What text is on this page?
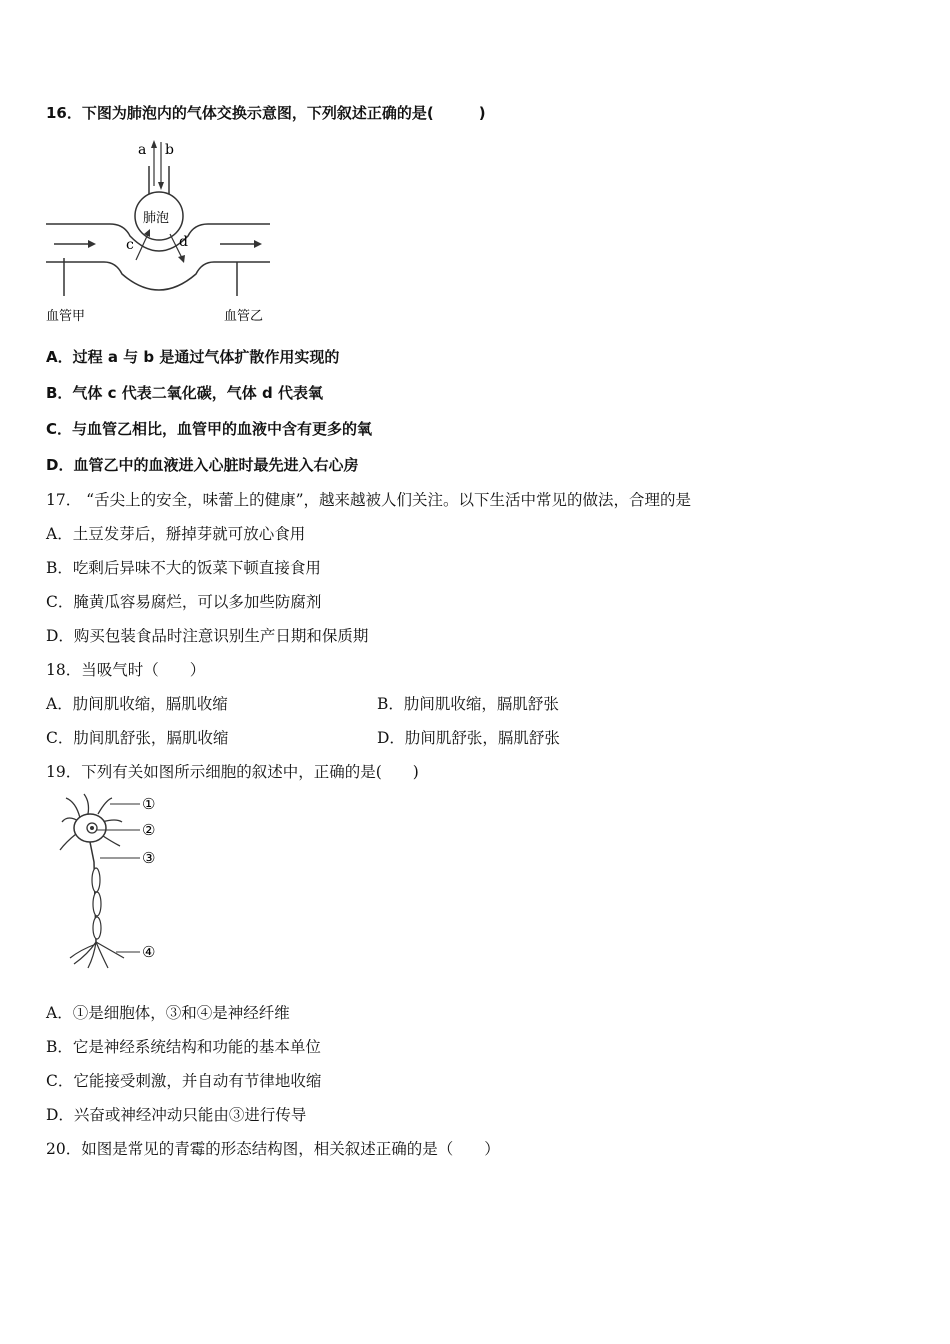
16．下图为肺泡内的气体交换示意图，下列叙述正确的是(　　　)
a b
c	d
肺泡
血管甲	血管乙
A．过程 a 与 b 是通过气体扩散作用实现的
B．气体 c 代表二氧化碳，气体 d 代表氧
C．与血管乙相比，血管甲的血液中含有更多的氧
D．血管乙中的血液进入心脏时最先进入右心房
17． “舌尖上的安全，味蕾上的健康”，越来越被人们关注。以下生活中常见的做法，合理的是
A．土豆发芽后，掰掉芽就可放心食用
B．吃剩后异味不大的饭菜下顿直接食用
C．腌黄瓜容易腐烂，可以多加些防腐剂
D．购买包装食品时注意识别生产日期和保质期
18．当吸气时（　　）
A．肋间肌收缩，膈肌收缩	B．肋间肌收缩，膈肌舒张
C．肋间肌舒张，膈肌收缩	D．肋间肌舒张，膈肌舒张
19．下列有关如图所示细胞的叙述中，正确的是(　　)
①
②
③
④
A．①是细胞体，③和④是神经纤维
B．它是神经系统结构和功能的基本单位
C．它能接受刺激，并自动有节律地收缩
D．兴奋或神经冲动只能由③进行传导
20．如图是常见的青霉的形态结构图，相关叙述正确的是（　　）
